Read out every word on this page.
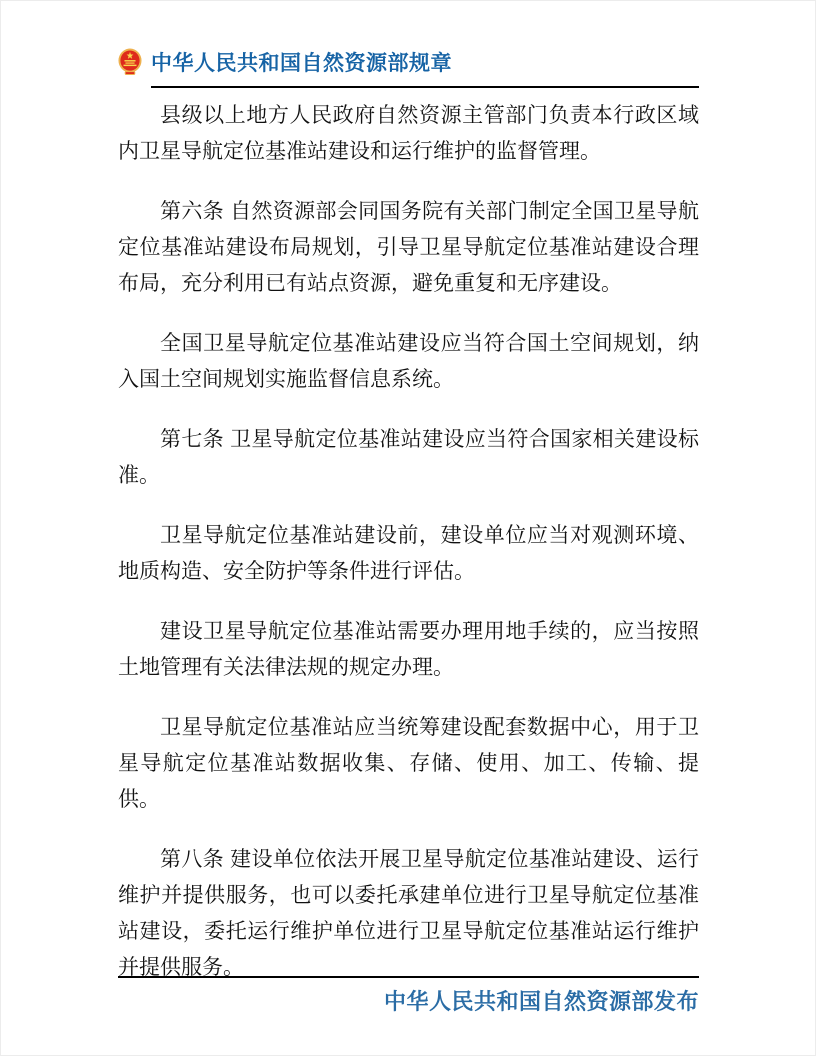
中华人民共和国自然资源部规章

县级以上地方人民政府自然资源主管部门负责本行政区域内卫星导航定位基准站建设和运行维护的监督管理。

第六条 自然资源部会同国务院有关部门制定全国卫星导航定位基准站建设布局规划，引导卫星导航定位基准站建设合理布局，充分利用已有站点资源，避免重复和无序建设。

全国卫星导航定位基准站建设应当符合国土空间规划，纳入国土空间规划实施监督信息系统。

第七条 卫星导航定位基准站建设应当符合国家相关建设标准。

卫星导航定位基准站建设前，建设单位应当对观测环境、地质构造、安全防护等条件进行评估。

建设卫星导航定位基准站需要办理用地手续的，应当按照土地管理有关法律法规的规定办理。

卫星导航定位基准站应当统筹建设配套数据中心，用于卫星导航定位基准站数据收集、存储、使用、加工、传输、提供。

第八条 建设单位依法开展卫星导航定位基准站建设、运行维护并提供服务，也可以委托承建单位进行卫星导航定位基准站建设，委托运行维护单位进行卫星导航定位基准站运行维护并提供服务。

中华人民共和国自然资源部发布
